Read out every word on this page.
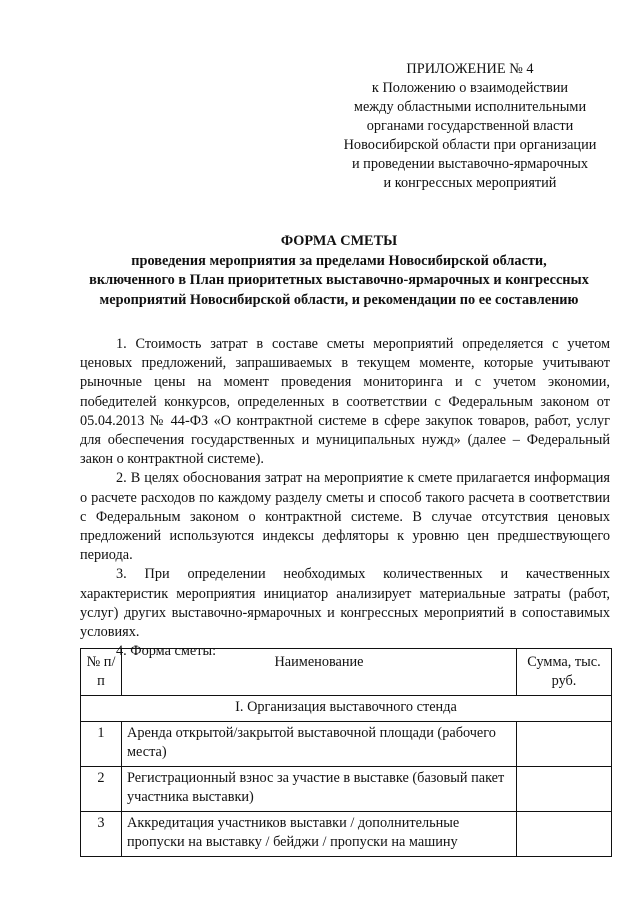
ПРИЛОЖЕНИЕ № 4
к Положению о взаимодействии
между областными исполнительными
органами государственной власти
Новосибирской области при организации
и проведении выставочно-ярмарочных
и конгрессных мероприятий
ФОРМА СМЕТЫ
проведения мероприятия за пределами Новосибирской области,
включенного в План приоритетных выставочно-ярмарочных и конгрессных
мероприятий Новосибирской области, и рекомендации по ее составлению

1. Стоимость затрат в составе сметы мероприятий определяется с учетом ценовых предложений, запрашиваемых в текущем моменте, которые учитывают рыночные цены на момент проведения мониторинга и с учетом экономии, победителей конкурсов, определенных в соответствии с Федеральным законом от 05.04.2013 № 44-ФЗ «О контрактной системе в сфере закупок товаров, работ, услуг для обеспечения государственных и муниципальных нужд» (далее – Федеральный закон о контрактной системе).

2. В целях обоснования затрат на мероприятие к смете прилагается информация о расчете расходов по каждому разделу сметы и способ такого расчета в соответствии с Федеральным законом о контрактной системе. В случае отсутствия ценовых предложений используются индексы дефляторы к уровню цен предшествующего периода.

3. При определении необходимых количественных и качественных характеристик мероприятия инициатор анализирует материальные затраты (работ, услуг) других выставочно-ярмарочных и конгрессных мероприятий в сопоставимых условиях.

4. Форма сметы:

№ п/п	Наименование	Сумма, тыс. руб.
I. Организация выставочного стенда		
1	Аренда открытой/закрытой выставочной площади (рабочего места)	
2	Регистрационный взнос за участие в выставке (базовый пакет участника выставки)	
3	Аккредитация участников выставки / дополнительные пропуски на выставку / бейджи / пропуски на машину	
